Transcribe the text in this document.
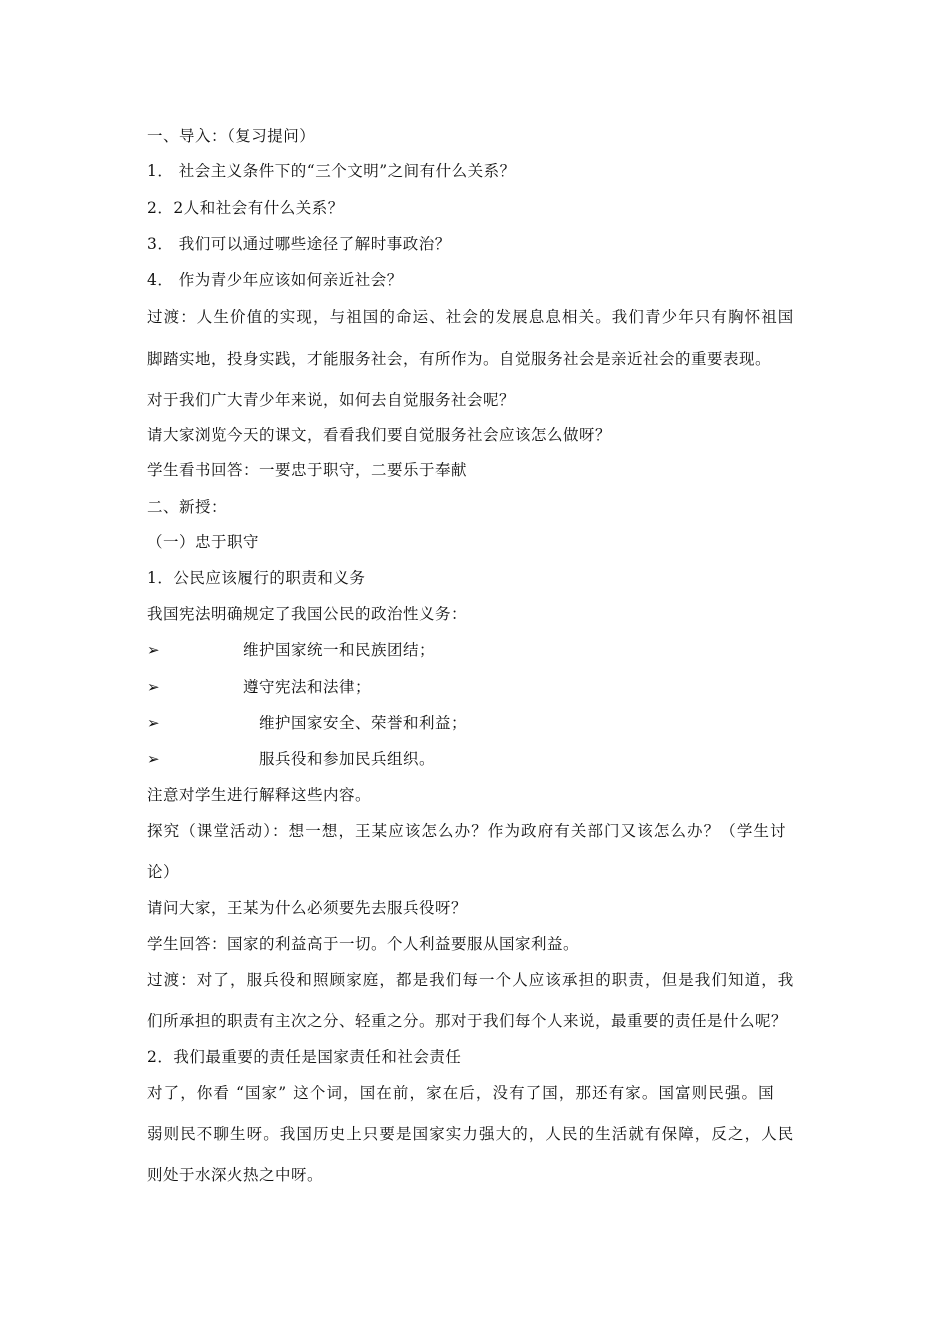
一、导入：（复习提问）
1． 社会主义条件下的“三个文明”之间有什么关系？
2．2人和社会有什么关系？
3． 我们可以通过哪些途径了解时事政治？
4． 作为青少年应该如何亲近社会？
过渡：人生价值的实现，与祖国的命运、社会的发展息息相关。我们青少年只有胸怀祖国
脚踏实地，投身实践，才能服务社会，有所作为。自觉服务社会是亲近社会的重要表现。
对于我们广大青少年来说，如何去自觉服务社会呢？
请大家浏览今天的课文，看看我们要自觉服务社会应该怎么做呀？
学生看书回答：一要忠于职守，二要乐于奉献
二、新授：
（一）忠于职守
1．公民应该履行的职责和义务
我国宪法明确规定了我国公民的政治性义务：
➢	维护国家统一和民族团结；
➢	遵守宪法和法律；
➢	维护国家安全、荣誉和利益；
➢	服兵役和参加民兵组织。
注意对学生进行解释这些内容。
探究（课堂活动）：想一想，王某应该怎么办？作为政府有关部门又该怎么办？（学生讨
论）
请问大家，王某为什么必须要先去服兵役呀？
学生回答：国家的利益高于一切。个人利益要服从国家利益。
过渡：对了，服兵役和照顾家庭，都是我们每一个人应该承担的职责，但是我们知道，我
们所承担的职责有主次之分、轻重之分。那对于我们每个人来说，最重要的责任是什么呢？
2．我们最重要的责任是国家责任和社会责任
对了，你看 “国家” 这个词，国在前，家在后，没有了国，那还有家。国富则民强。国
弱则民不聊生呀。我国历史上只要是国家实力强大的，人民的生活就有保障，反之，人民
则处于水深火热之中呀。
